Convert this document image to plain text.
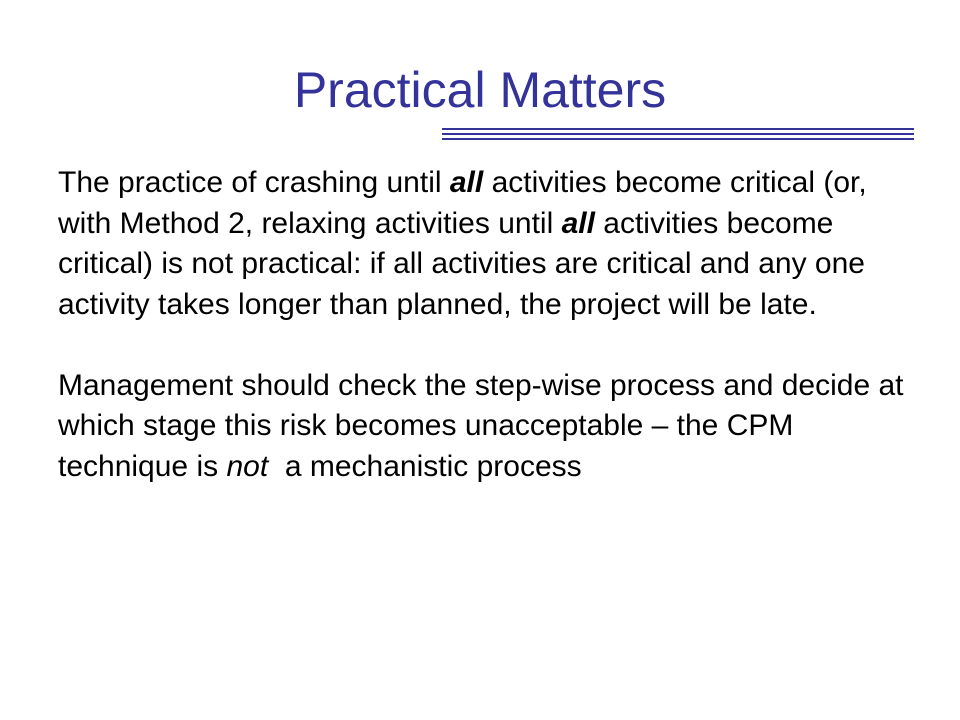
Practical Matters

The practice of crashing until all activities become critical (or, with Method 2, relaxing activities until all activities become critical) is not practical: if all activities are critical and any one activity takes longer than planned, the project will be late.

Management should check the step-wise process and decide at which stage this risk becomes unacceptable – the CPM technique is not  a mechanistic process
